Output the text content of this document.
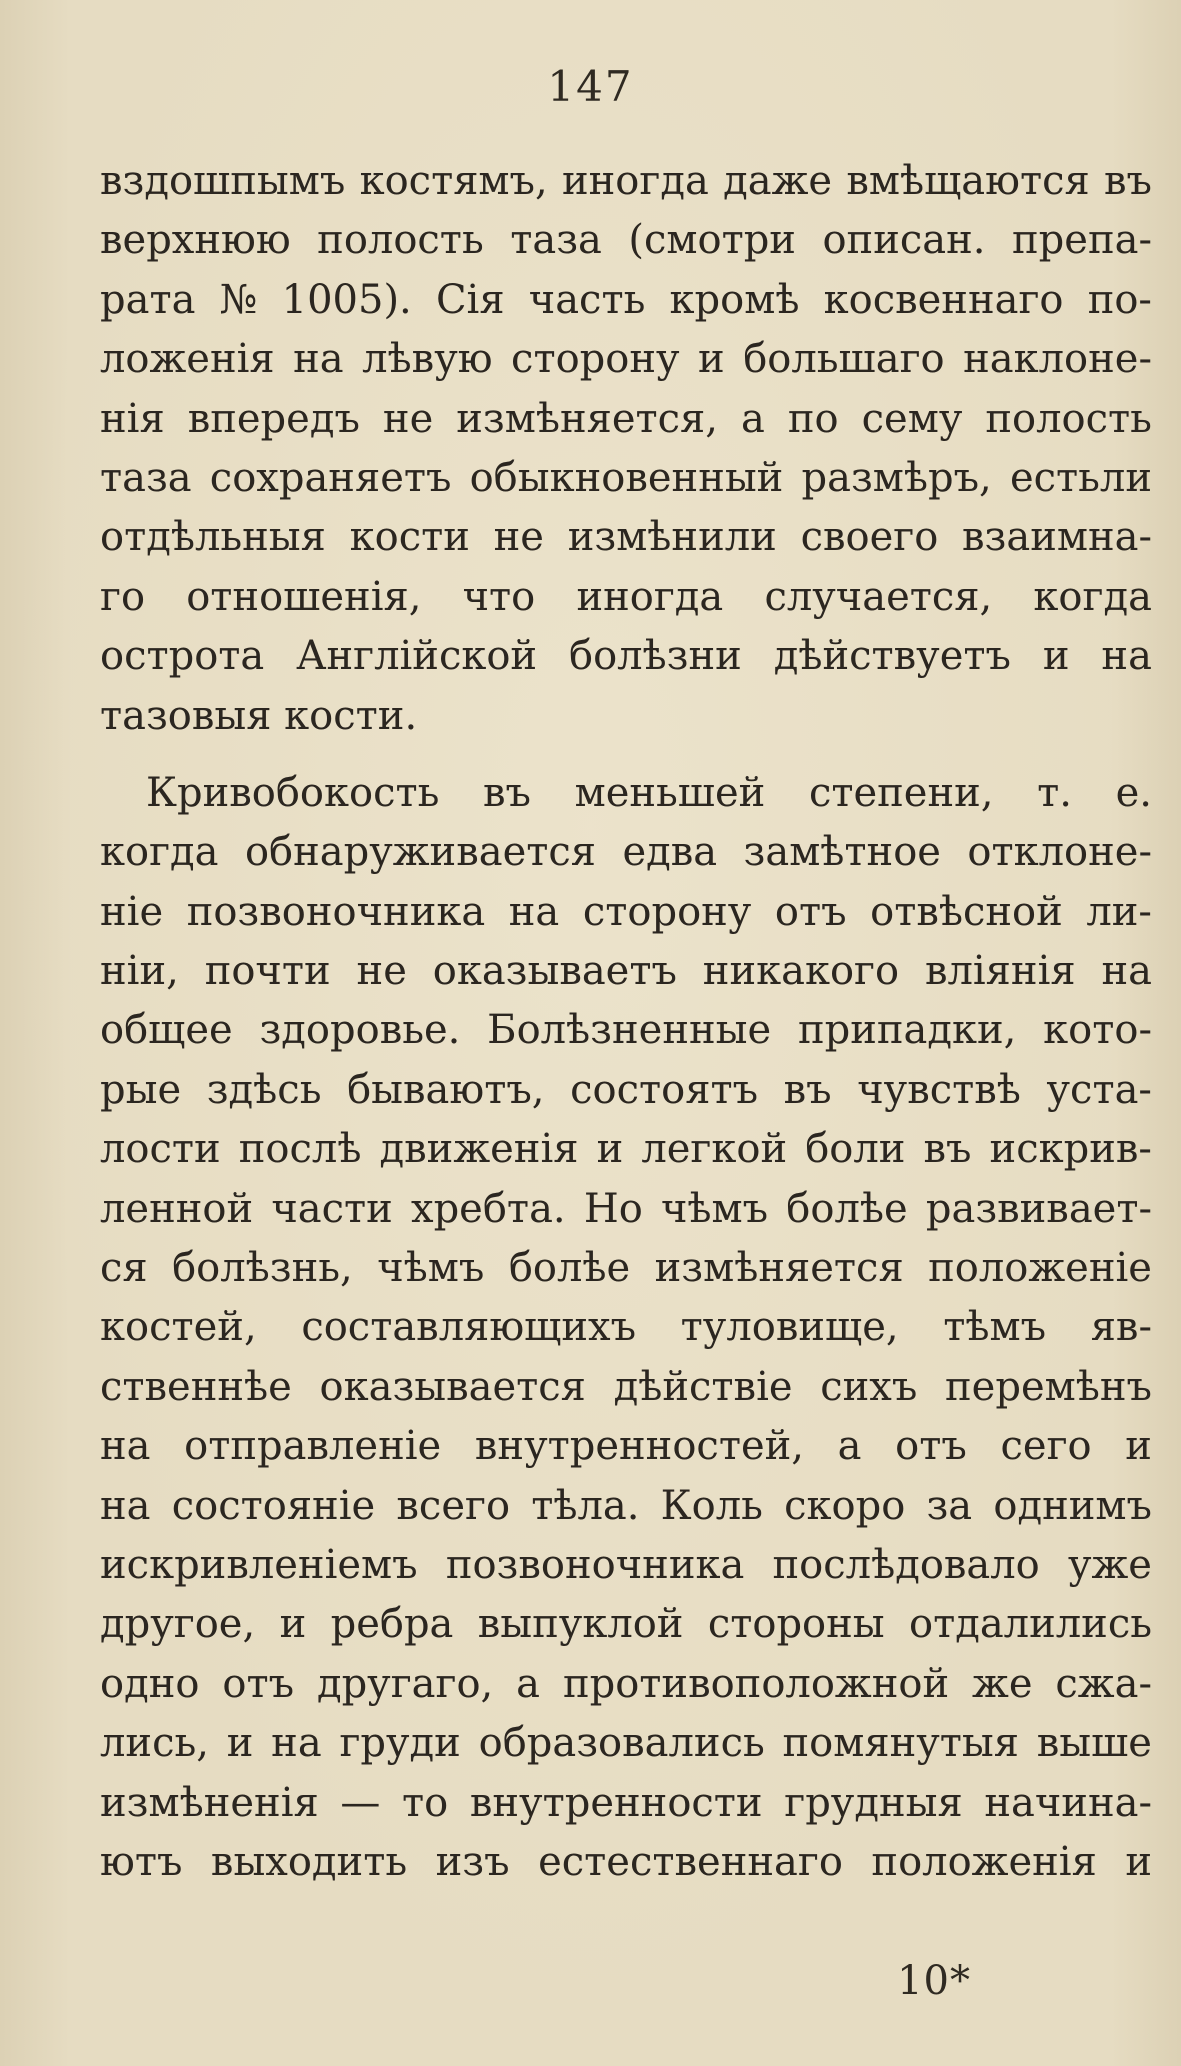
147
вздошпымъ костямъ, иногда даже вмѣщаются въ
верхнюю полость таза (смотри описан. препа-
рата № 1005). Сія часть кромѣ косвеннаго по-
ложенія на лѣвую сторону и большаго наклоне-
нія впередъ не измѣняется, а по сему полость
таза сохраняетъ обыкновенный размѣръ, естьли
отдѣльныя кости не измѣнили своего взаимна-
го отношенія, что иногда случается, когда
острота Англійской болѣзни дѣйствуетъ и на
тазовыя кости.
Кривобокость въ меньшей степени, т. е.
когда обнаруживается едва замѣтное отклоне-
ніе позвоночника на сторону отъ отвѣсной ли-
ніи, почти не оказываетъ никакого вліянія на
общее здоровье. Болѣзненные припадки, кото-
рые здѣсь бываютъ, состоятъ въ чувствѣ уста-
лости послѣ движенія и легкой боли въ искрив-
ленной части хребта. Но чѣмъ болѣе развивает-
ся болѣзнь, чѣмъ болѣе измѣняется положеніе
костей, составляющихъ туловище, тѣмъ яв-
ственнѣе оказывается дѣйствіе сихъ перемѣнъ
на отправленіе внутренностей, а отъ сего и
на состояніе всего тѣла. Коль скоро за однимъ
искривленіемъ позвоночника послѣдовало уже
другое, и ребра выпуклой стороны отдалились
одно отъ другаго, а противоположной же сжа-
лись, и на груди образовались помянутыя выше
измѣненія — то внутренности грудныя начина-
ютъ выходить изъ естественнаго положенія и
10*
